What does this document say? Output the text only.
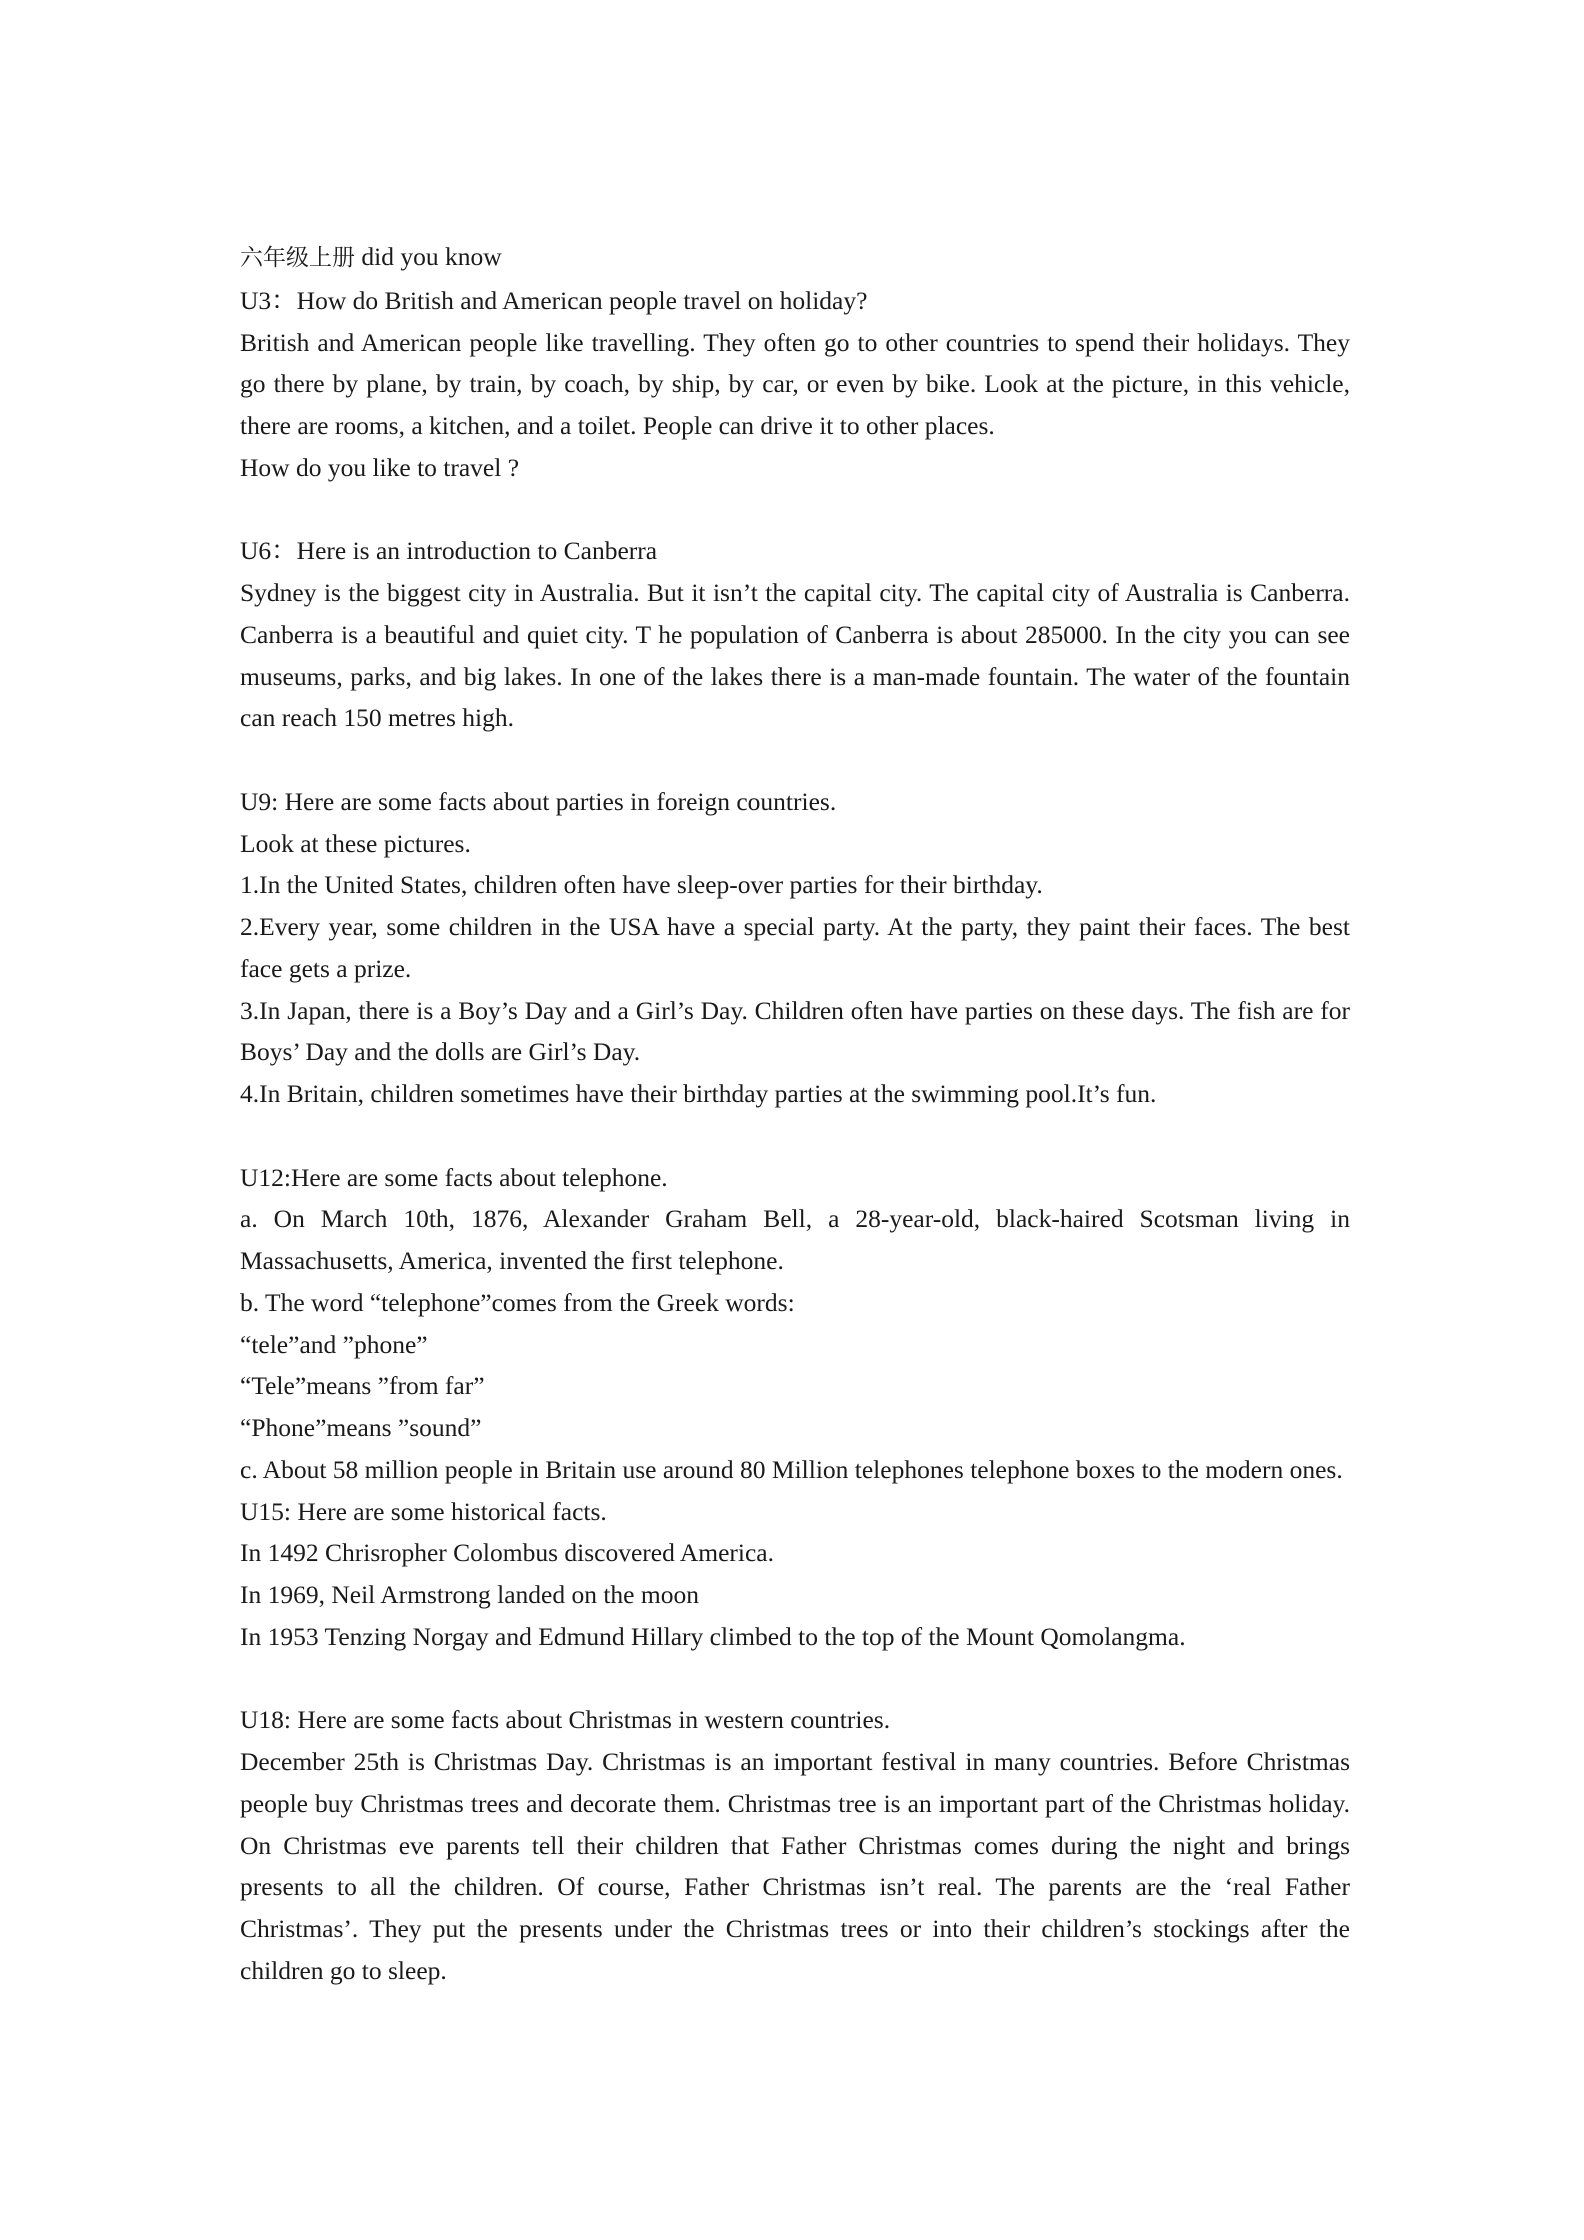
六年级上册 did you know
U3：How do British and American people travel on holiday?
British and American people like travelling. They often go to other countries to spend their holidays. They go there by plane, by train, by coach, by ship, by car, or even by bike. Look at the picture, in this vehicle, there are rooms, a kitchen, and a toilet. People can drive it to other places.
How do you like to travel ?
U6：Here is an introduction to Canberra
Sydney is the biggest city in Australia. But it isn’t the capital city. The capital city of Australia is Canberra. Canberra is a beautiful and quiet city. T he population of Canberra is about 285000. In the city you can see museums, parks, and big lakes. In one of the lakes there is a man-made fountain. The water of the fountain can reach 150 metres high.
U9: Here are some facts about parties in foreign countries.
Look at these pictures.
1.In the United States, children often have sleep-over parties for their birthday.
2.Every year, some children in the USA have a special party. At the party, they paint their faces. The best face gets a prize.
3.In Japan, there is a Boy’s Day and a Girl’s Day. Children often have parties on these days. The fish are for Boys’ Day and the dolls are Girl’s Day.
4.In Britain, children sometimes have their birthday parties at the swimming pool.It’s fun.
U12:Here are some facts about telephone.
a. On March 10th, 1876, Alexander Graham Bell, a 28-year-old, black-haired Scotsman living in Massachusetts, America, invented the first telephone.
b. The word “telephone”comes from the Greek words:
“tele”and ”phone”
“Tele”means ”from far”
“Phone”means ”sound”
c. About 58 million people in Britain use around 80 Million telephones telephone boxes to the modern ones.
U15: Here are some historical facts.
In 1492 Chrisropher Colombus discovered America.
In 1969, Neil Armstrong landed on the moon
In 1953 Tenzing Norgay and Edmund Hillary climbed to the top of the Mount Qomolangma.
U18: Here are some facts about Christmas in western countries.
December 25th is Christmas Day. Christmas is an important festival in many countries. Before Christmas people buy Christmas trees and decorate them. Christmas tree is an important part of the Christmas holiday. On Christmas eve parents tell their children that Father Christmas comes during the night and brings presents to all the children. Of course, Father Christmas isn’t real. The parents are the ‘real Father Christmas’. They put the presents under the Christmas trees or into their children’s stockings after the children go to sleep.
